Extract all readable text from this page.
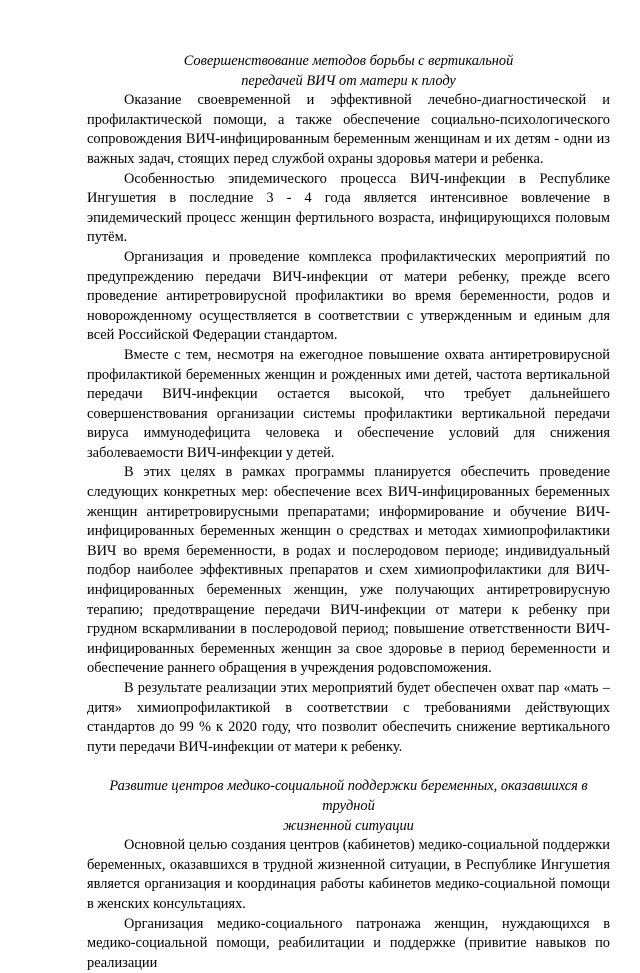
Совершенствование методов борьбы с вертикальной
передачей ВИЧ от матери к плоду

Оказание своевременной и эффективной лечебно-диагностической и профилактической помощи, а также обеспечение социально-психологического сопровождения ВИЧ-инфицированным беременным женщинам и их детям - одни из важных задач, стоящих перед службой охраны здоровья матери и ребенка.

Особенностью эпидемического процесса ВИЧ-инфекции в Республике Ингушетия в последние 3 - 4 года является интенсивное вовлечение в эпидемический процесс женщин фертильного возраста, инфицирующихся половым путём.

Организация и проведение комплекса профилактических мероприятий по предупреждению передачи ВИЧ-инфекции от матери ребенку, прежде всего проведение антиретровирусной профилактики во время беременности, родов и новорожденному осуществляется в соответствии с утвержденным и единым для всей Российской Федерации стандартом.

Вместе с тем, несмотря на ежегодное повышение охвата антиретровирусной профилактикой беременных женщин и рожденных ими детей, частота вертикальной передачи ВИЧ-инфекции остается высокой, что требует дальнейшего совершенствования организации системы профилактики вертикальной передачи вируса иммунодефицита человека и обеспечение условий для снижения заболеваемости ВИЧ-инфекции у детей.

В этих целях в рамках программы планируется обеспечить проведение следующих конкретных мер: обеспечение всех ВИЧ-инфицированных беременных женщин антиретровирусными препаратами; информирование и обучение ВИЧ-инфицированных беременных женщин о средствах и методах химиопрофилактики ВИЧ во время беременности, в родах и послеродовом периоде; индивидуальный подбор наиболее эффективных препаратов и схем химиопрофилактики для ВИЧ-инфицированных беременных женщин, уже получающих антиретровирусную терапию; предотвращение передачи ВИЧ-инфекции от матери к ребенку при грудном вскармливании в послеродовой период; повышение ответственности ВИЧ-инфицированных беременных женщин за свое здоровье в период беременности и обеспечение раннего обращения в учреждения родовспоможения.

В результате реализации этих мероприятий будет обеспечен охват пар «мать – дитя» химиопрофилактикой в соответствии с требованиями действующих стандартов до 99 % к 2020 году, что позволит обеспечить снижение вертикального пути передачи ВИЧ-инфекции от матери к ребенку.

Развитие центров медико-социальной поддержки беременных, оказавшихся в трудной
жизненной ситуации

Основной целью создания центров (кабинетов) медико-социальной поддержки беременных, оказавшихся в трудной жизненной ситуации, в Республике Ингушетия является организация и координация работы кабинетов медико-социальной помощи в женских консультациях.

Организация медико-социального патронажа женщин, нуждающихся в медико-социальной помощи, реабилитации и поддержке (привитие навыков по реализации
